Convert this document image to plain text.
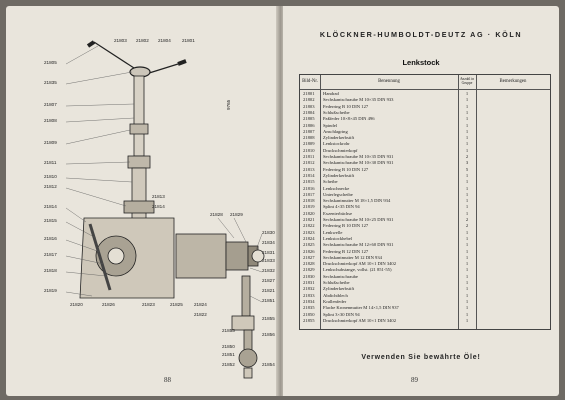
9765
21805
21835
21807
21808
21809
21811
21810
21812
21814
21815
21816
21817
21818
21819
21803 21802 21804 21801
21820	21826	21823	21825 21824
21822
21813
21814
21828 21829
21830
21834
21831
21833
21832
21827
21821
21851
21855
21853
21856
21850
21851
21852	21854
88
KLÖCKNER-HUMBOLDT-DEUTZ AG · KÖLN
Lenkstock
Bild-Nr.	Benennung
Anzahl in Gruppe	Bemerkungen
21801 Handrad	1
21802 Sechskantschraube M 10×35 DIN 933	1
21803 Federring B 10 DIN 127	1
21804 Schlußscheibe	1
21805 Paßfeder 10×8×45 DIN 496	1
21806 Spindel	1
21807 Anschlagring	1
21808 Zylinderkerbstift	1
21809 Lenkstockrohr	1
21810 Druckschmierkopf	1
21811 Sechskantschraube M 10×35 DIN 931	2
21812 Sechskantschraube M 10×30 DIN 931	3
21813 Federring B 10 DIN 127	5
21814 Zylinderkerbstift	1
21815 Scheibe	1
21816 Lenkschnecke	1
21817 Unterlegscheibe	1
21818 Sechskantmutter M 18×1,5 DIN 934	1
21819 Splint 4×35 DIN 94	1
21820 Exzenterbüchse	1
21821 Sechskantschraube M 10×25 DIN 931	2
21822 Federring B 10 DIN 127	2
21823 Lenkwelle	1
21824 Lenkstockhebel	1
21825 Sechskantschraube M 12×60 DIN 931	1
21826 Federring B 12 DIN 127	1
21827 Sechskantmutter M 12 DIN 934	1
21828 Druckschmierkopf AM 10×1 DIN 3402	1
21829 Lenkschubstange, vollst. (21 851-55)	1
21830 Sechskantschraube	1
21831 Schlußscheibe	1
21832 Zylinderkerbstift	1
21833 Abdichtblech	1
21834 Krallenfeder	1
21835 Flache Kronenmutter M 14×1,5 DIN 937	1
21850 Splint 3×30 DIN 94	1
21855 Druckschmierkopf AM 10×1 DIN 3402	1
Verwenden Sie bewährte Öle!
89
